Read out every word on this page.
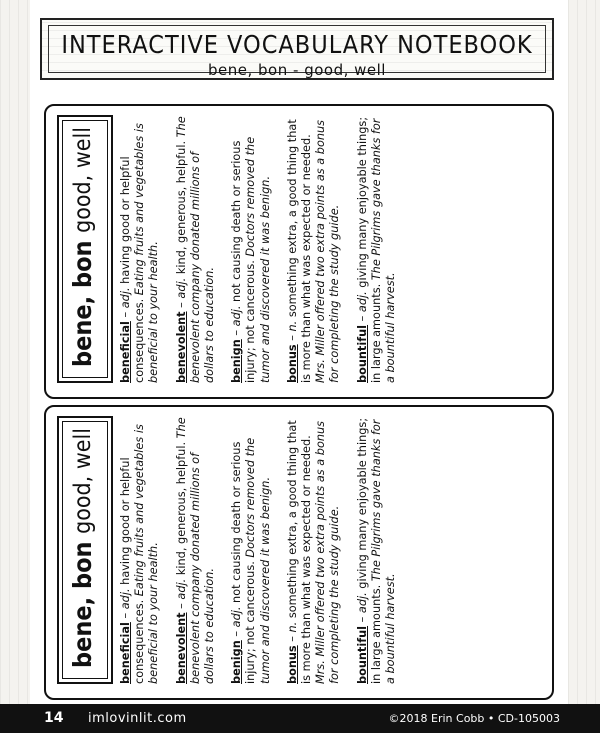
INTERACTIVE VOCABULARY NOTEBOOK
bene, bon - good, well
bene, bon
good, well

beneficial – adj. having good or helpful consequences. Eating fruits and vegetables is beneficial to your health. benevolent – adj. kind, generous, helpful. The benevolent company donated millions of dollars to education. benign – adj. not causing death or serious injury; not cancerous. Doctors removed the tumor and discovered it was benign. bonus – n. something extra, a good thing that is more than what was expected or needed. Mrs. Miller offered two extra points as a bonus for completing the study guide. bountiful – adj. giving many enjoyable things; in large amounts. The Pilgrims gave thanks for a bountiful harvest.

bene, bon
good, well

beneficial – adj. having good or helpful consequences. Eating fruits and vegetables is beneficial to your health. benevolent – adj. kind, generous, helpful. The benevolent company donated millions of dollars to education. benign – adj. not causing death or serious injury; not cancerous. Doctors removed the tumor and discovered it was benign. bonus – n. something extra, a good thing that is more than what was expected or needed. Mrs. Miller offered two extra points as a bonus for completing the study guide. bountiful – adj. giving many enjoyable things; in large amounts. The Pilgrims gave thanks for a bountiful harvest.

14 imlovinlit.com	©2018 Erin Cobb • CD-105003
